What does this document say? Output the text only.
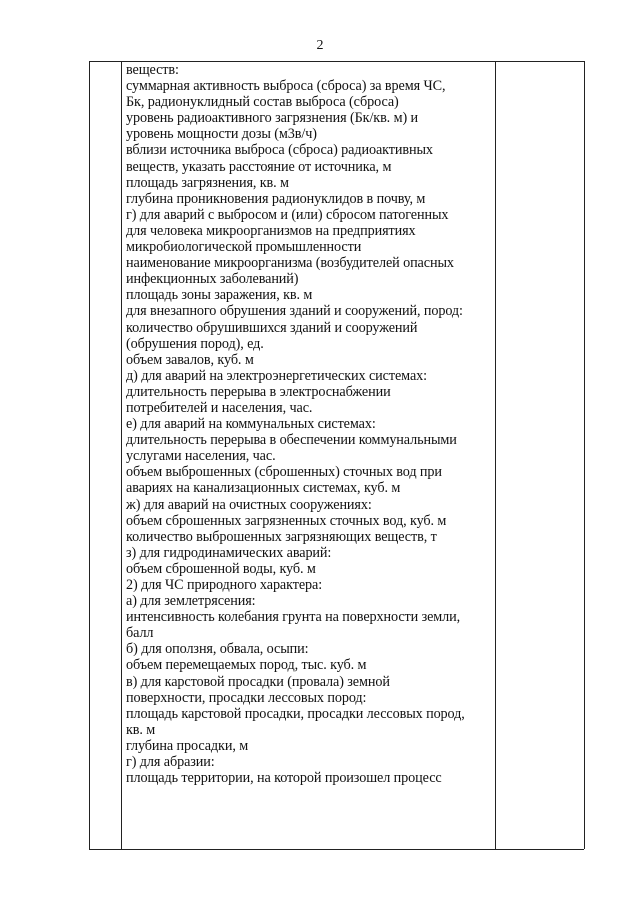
2
веществ:
суммарная активность выброса (сброса) за время ЧС,
Бк, радионуклидный состав выброса (сброса)
уровень радиоактивного загрязнения (Бк/кв. м) и
уровень мощности дозы (м3в/ч)
вблизи источника выброса (сброса) радиоактивных
веществ, указать расстояние от источника, м
площадь загрязнения, кв. м
глубина проникновения радионуклидов в почву, м
г) для аварий с выбросом и (или) сбросом патогенных
для человека микроорганизмов на предприятиях
микробиологической промышленности
наименование микроорганизма (возбудителей опасных
инфекционных заболеваний)
площадь зоны заражения, кв. м
для внезапного обрушения зданий и сооружений, пород:
количество обрушившихся зданий и сооружений
(обрушения пород), ед.
объем завалов, куб. м
д) для аварий на электроэнергетических системах:
длительность перерыва в электроснабжении
потребителей и населения, час.
е) для аварий на коммунальных системах:
длительность перерыва в обеспечении коммунальными
услугами населения, час.
объем выброшенных (сброшенных) сточных вод при
авариях на канализационных системах, куб. м
ж) для аварий на очистных сооружениях:
объем сброшенных загрязненных сточных вод, куб. м
количество выброшенных загрязняющих веществ, т
з) для гидродинамических аварий:
объем сброшенной воды, куб. м
2) для ЧС природного характера:
а) для землетрясения:
интенсивность колебания грунта на поверхности земли,
балл
б) для оползня, обвала, осыпи:
объем перемещаемых пород, тыс. куб. м
в) для карстовой просадки (провала) земной
поверхности, просадки лессовых пород:
площадь карстовой просадки, просадки лессовых пород,
кв. м
глубина просадки, м
г) для абразии:
площадь территории, на которой произошел процесс
